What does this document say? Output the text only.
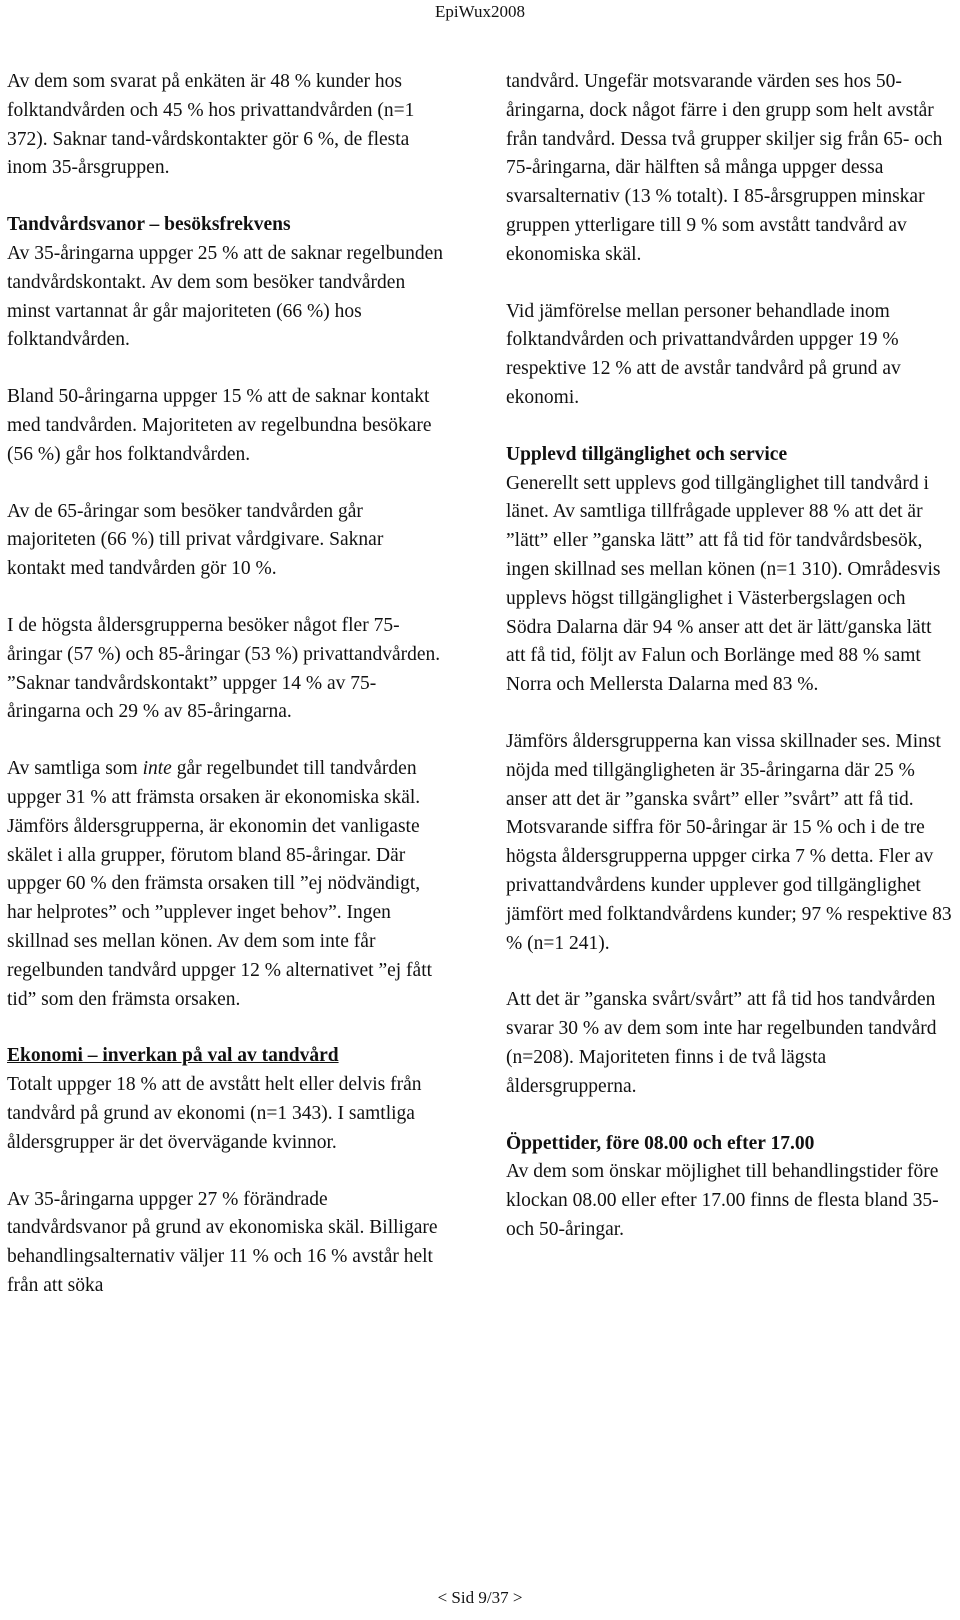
EpiWux2008

Av dem som svarat på enkäten är 48 % kunder hos folktandvården och 45 % hos privattandvården (n=1 372). Saknar tand-vårdskontakter gör 6 %, de flesta inom 35-årsgruppen.

Tandvårdsvanor – besöksfrekvens
Av 35-åringarna uppger 25 % att de saknar regelbunden tandvårdskontakt. Av dem som besöker tandvården minst vartannat år går majoriteten (66 %) hos folktandvården.

Bland 50-åringarna uppger 15 % att de saknar kontakt med tandvården. Majoriteten av regelbundna besökare (56 %) går hos folktandvården.

Av de 65-åringar som besöker tandvården går majoriteten (66 %) till privat vårdgivare. Saknar kontakt med tandvården gör 10 %.

I de högsta åldersgrupperna besöker något fler 75-åringar (57 %) och 85-åringar (53 %) privattandvården. ”Saknar tandvårdskontakt” uppger 14 % av 75-åringarna och 29 % av 85-åringarna.

Av samtliga som inte går regelbundet till tandvården uppger 31 % att främsta orsaken är ekonomiska skäl. Jämförs åldersgrupperna, är ekonomin det vanligaste skälet i alla grupper, förutom bland 85-åringar. Där uppger 60 % den främsta orsaken till ”ej nödvändigt, har helprotes” och ”upplever inget behov”. Ingen skillnad ses mellan könen. Av dem som inte får regelbunden tandvård uppger 12 % alternativet ”ej fått tid” som den främsta orsaken.

Ekonomi – inverkan på val av tandvård
Totalt uppger 18 % att de avstått helt eller delvis från tandvård på grund av ekonomi (n=1 343). I samtliga åldersgrupper är det övervägande kvinnor.

Av 35-åringarna uppger 27 % förändrade tandvårdsvanor på grund av ekonomiska skäl. Billigare behandlingsalternativ väljer 11 % och 16 % avstår helt från att söka

tandvård. Ungefär motsvarande värden ses hos 50-åringarna, dock något färre i den grupp som helt avstår från tandvård. Dessa två grupper skiljer sig från 65- och 75-åringarna, där hälften så många uppger dessa svarsalternativ (13 % totalt). I 85-årsgruppen minskar gruppen ytterligare till 9 % som avstått tandvård av ekonomiska skäl.

Vid jämförelse mellan personer behandlade inom folktandvården och privattandvården uppger 19 % respektive 12 % att de avstår tandvård på grund av ekonomi.

Upplevd tillgänglighet och service
Generellt sett upplevs god tillgänglighet till tandvård i länet. Av samtliga tillfrågade upplever 88 % att det är ”lätt” eller ”ganska lätt” att få tid för tandvårdsbesök, ingen skillnad ses mellan könen (n=1 310). Områdesvis upplevs högst tillgänglighet i Västerbergslagen och Södra Dalarna där 94 % anser att det är lätt/ganska lätt att få tid, följt av Falun och Borlänge med 88 % samt Norra och Mellersta Dalarna med 83 %.

Jämförs åldersgrupperna kan vissa skillnader ses. Minst nöjda med tillgängligheten är 35-åringarna där 25 % anser att det är ”ganska svårt” eller ”svårt” att få tid. Motsvarande siffra för 50-åringar är 15 % och i de tre högsta åldersgrupperna uppger cirka 7 % detta. Fler av privattandvårdens kunder upplever god tillgänglighet jämfört med folktandvårdens kunder; 97 % respektive 83 % (n=1 241).

Att det är ”ganska svårt/svårt” att få tid hos tandvården svarar 30 % av dem som inte har regelbunden tandvård (n=208). Majoriteten finns i de två lägsta åldersgrupperna.

Öppettider, före 08.00 och efter 17.00
Av dem som önskar möjlighet till behandlingstider före klockan 08.00 eller efter 17.00 finns de flesta bland 35- och 50-åringar.

< Sid 9/37 >
